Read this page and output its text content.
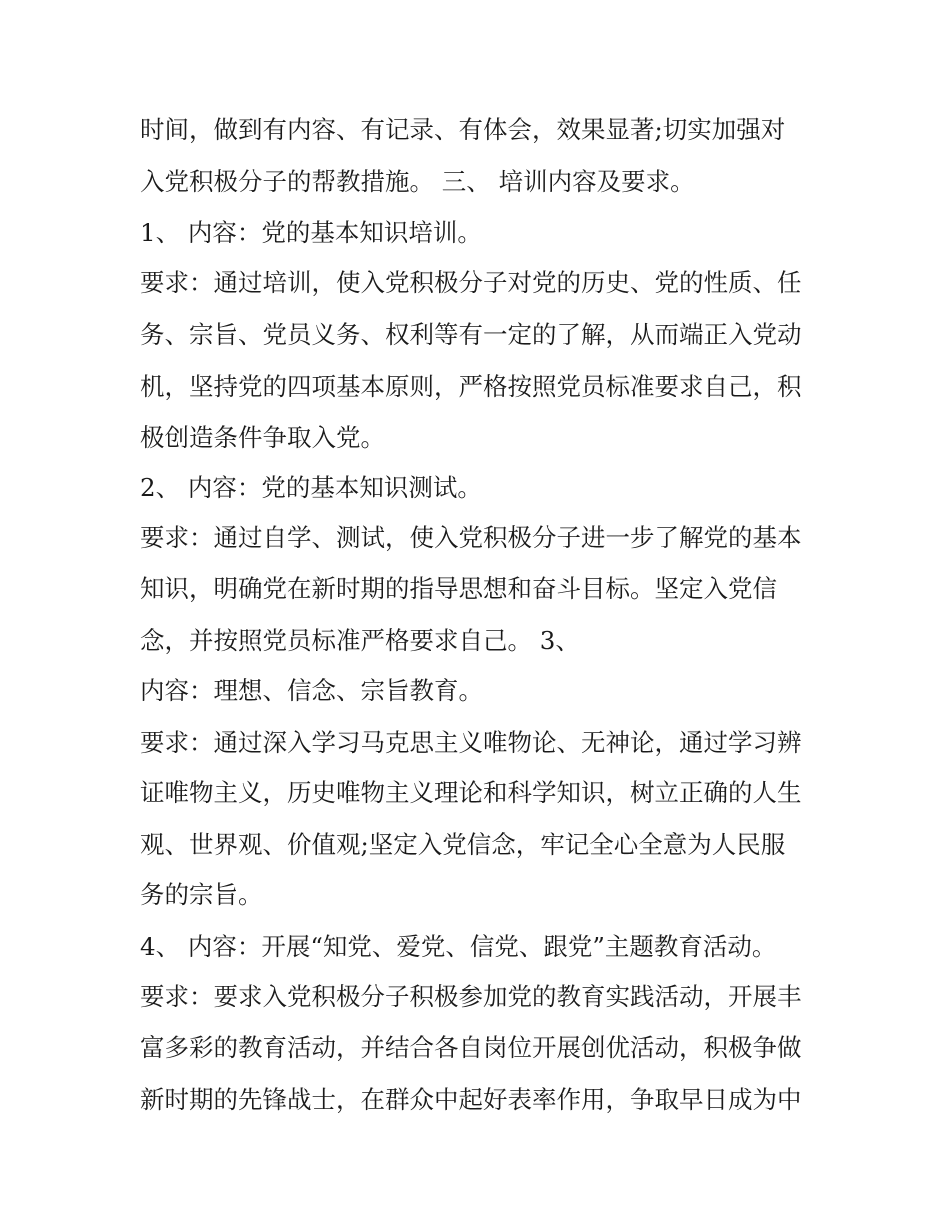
时间，做到有内容、有记录、有体会，效果显著;切实加强对
入党积极分子的帮教措施。 三、 培训内容及要求。
1、 内容：党的基本知识培训。
要求：通过培训，使入党积极分子对党的历史、党的性质、任
务、宗旨、党员义务、权利等有一定的了解，从而端正入党动
机，坚持党的四项基本原则，严格按照党员标准要求自己，积
极创造条件争取入党。
2、 内容：党的基本知识测试。
要求：通过自学、测试，使入党积极分子进一步了解党的基本
知识，明确党在新时期的指导思想和奋斗目标。坚定入党信
念，并按照党员标准严格要求自己。 3、
内容：理想、信念、宗旨教育。
要求：通过深入学习马克思主义唯物论、无神论，通过学习辨
证唯物主义，历史唯物主义理论和科学知识，树立正确的人生
观、世界观、价值观;坚定入党信念，牢记全心全意为人民服
务的宗旨。
4、 内容：开展“知党、爱党、信党、跟党”主题教育活动。
要求：要求入党积极分子积极参加党的教育实践活动，开展丰
富多彩的教育活动，并结合各自岗位开展创优活动，积极争做
新时期的先锋战士，在群众中起好表率作用，争取早日成为中
